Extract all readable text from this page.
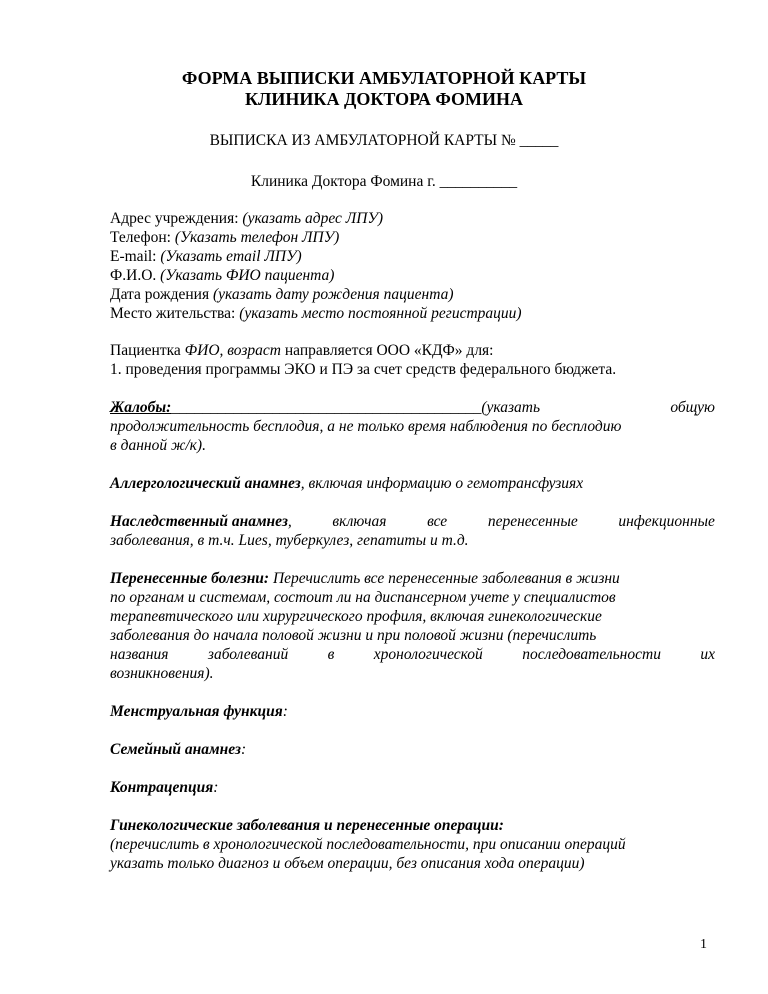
ФОРМА ВЫПИСКИ АМБУЛАТОРНОЙ КАРТЫ
КЛИНИКА ДОКТОРА ФОМИНА
ВЫПИСКА ИЗ АМБУЛАТОРНОЙ КАРТЫ № _____
Клиника Доктора Фомина г. __________
Адрес учреждения: (указать адрес ЛПУ)
Телефон: (Указать телефон ЛПУ)
E-mail: (Указать email ЛПУ)
Ф.И.О. (Указать ФИО пациента)
Дата рождения (указать дату рождения пациента)
Место жительства: (указать место постоянной регистрации)
Пациентка ФИО, возраст направляется ООО «КДФ» для:
1. проведения программы ЭКО и ПЭ за счет средств федерального бюджета.
Жалобы:________________________________________(указать	общую
продолжительность бесплодия, а не только время наблюдения по бесплодию
в данной ж/к).
Аллергологический анамнез, включая информацию о гемотрансфузиях
Наследственный анамнез,	включая	все	перенесенные	инфекционные
заболевания, в т.ч. Lues, туберкулез, гепатиты и т.д.
Перенесенные болезни: Перечислить все перенесенные заболевания в жизни
по органам и системам, состоит ли на диспансерном учете у специалистов
терапевтического или хирургического профиля, включая гинекологические
заболевания до начала половой жизни и при половой жизни (перечислить
названия	заболеваний	в	хронологической	последовательности	их
возникновения).
Менструальная функция:
Семейный анамнез:
Контрацепция:
Гинекологические заболевания и перенесенные операции:
(перечислить в хронологической последовательности, при описании операций
указать только диагноз и объем операции, без описания хода операции)
1
